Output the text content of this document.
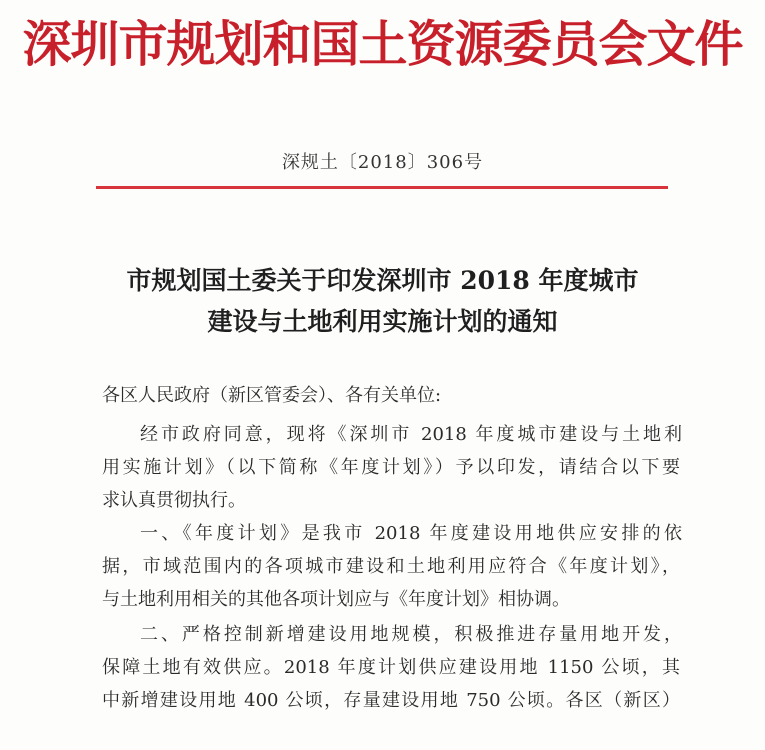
深圳市规划和国土资源委员会文件
深规土〔2018〕306号
市规划国土委关于印发深圳市 2018 年度城市
建设与土地利用实施计划的通知
各区人民政府（新区管委会）、各有关单位:
经市政府同意，现将《深圳市 2018 年度城市建设与土地利
用实施计划》（以下简称《年度计划》）予以印发，请结合以下要
求认真贯彻执行。
一、《年度计划》是我市 2018 年度建设用地供应安排的依
据，市域范围内的各项城市建设和土地利用应符合《年度计划》，
与土地利用相关的其他各项计划应与《年度计划》相协调。
二、严格控制新增建设用地规模，积极推进存量用地开发，
保障土地有效供应。2018 年度计划供应建设用地 1150 公顷，其
中新增建设用地 400 公顷，存量建设用地 750 公顷。各区（新区）
